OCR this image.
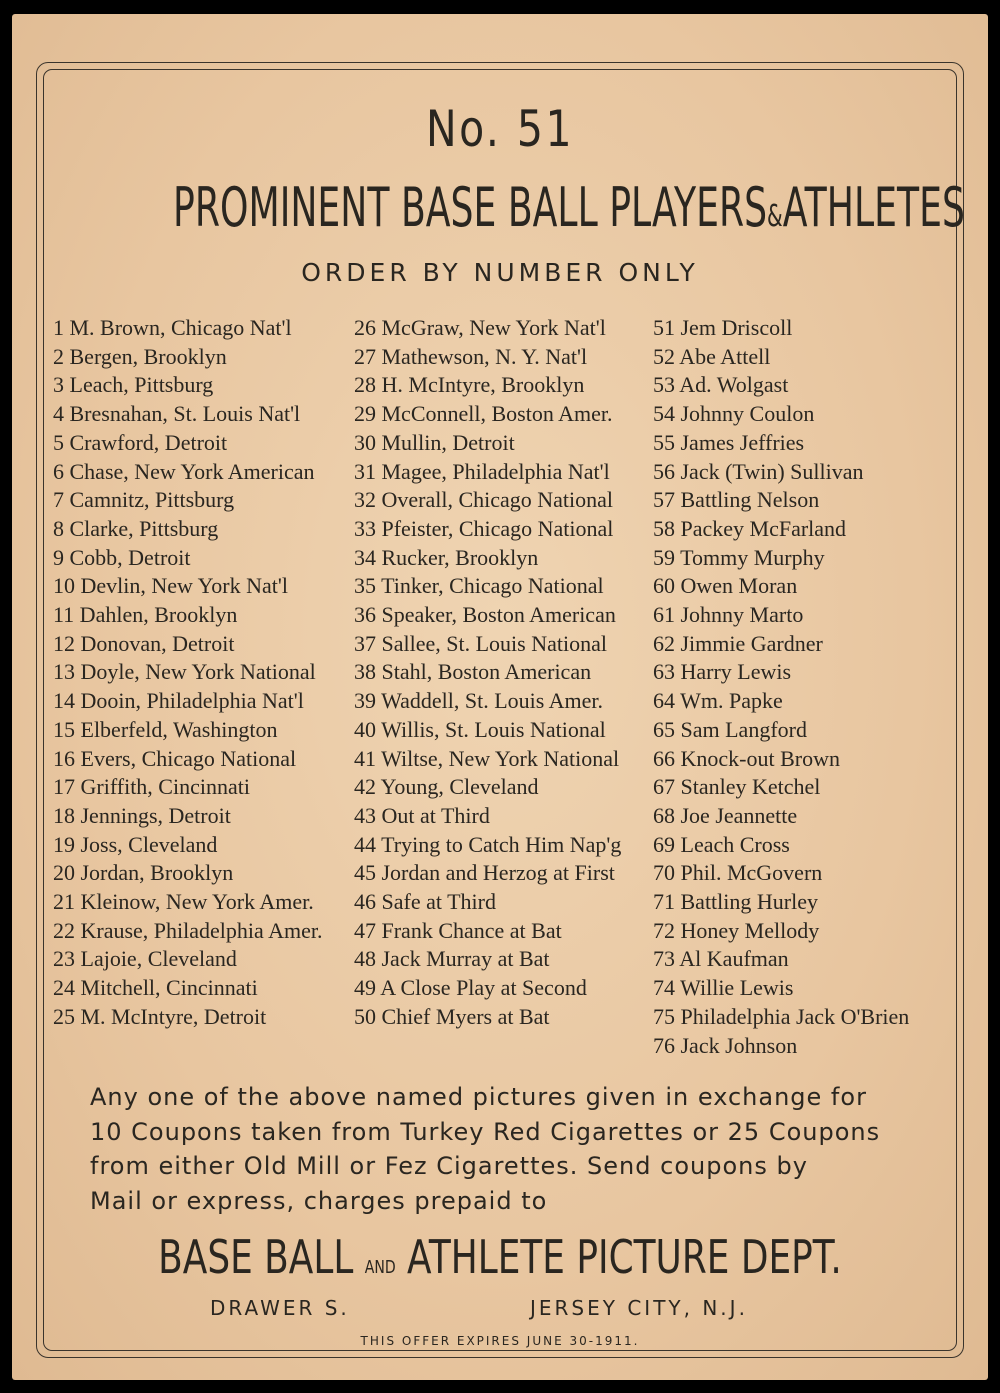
No. 51
PROMINENT BASE BALL PLAYERS&ATHLETES
ORDER BY NUMBER ONLY
1 M. Brown, Chicago Nat'l
2 Bergen, Brooklyn
3 Leach, Pittsburg
4 Bresnahan, St. Louis Nat'l
5 Crawford, Detroit
6 Chase, New York American
7 Camnitz, Pittsburg
8 Clarke, Pittsburg
9 Cobb, Detroit
10 Devlin, New York Nat'l
11 Dahlen, Brooklyn
12 Donovan, Detroit
13 Doyle, New York National
14 Dooin, Philadelphia Nat'l
15 Elberfeld, Washington
16 Evers, Chicago National
17 Griffith, Cincinnati
18 Jennings, Detroit
19 Joss, Cleveland
20 Jordan, Brooklyn
21 Kleinow, New York Amer.
22 Krause, Philadelphia Amer.
23 Lajoie, Cleveland
24 Mitchell, Cincinnati
25 M. McIntyre, Detroit
26 McGraw, New York Nat'l
27 Mathewson, N. Y. Nat'l
28 H. McIntyre, Brooklyn
29 McConnell, Boston Amer.
30 Mullin, Detroit
31 Magee, Philadelphia Nat'l
32 Overall, Chicago National
33 Pfeister, Chicago National
34 Rucker, Brooklyn
35 Tinker, Chicago National
36 Speaker, Boston American
37 Sallee, St. Louis National
38 Stahl, Boston American
39 Waddell, St. Louis Amer.
40 Willis, St. Louis National
41 Wiltse, New York National
42 Young, Cleveland
43 Out at Third
44 Trying to Catch Him Nap'g
45 Jordan and Herzog at First
46 Safe at Third
47 Frank Chance at Bat
48 Jack Murray at Bat
49 A Close Play at Second
50 Chief Myers at Bat
51 Jem Driscoll
52 Abe Attell
53 Ad. Wolgast
54 Johnny Coulon
55 James Jeffries
56 Jack (Twin) Sullivan
57 Battling Nelson
58 Packey McFarland
59 Tommy Murphy
60 Owen Moran
61 Johnny Marto
62 Jimmie Gardner
63 Harry Lewis
64 Wm. Papke
65 Sam Langford
66 Knock-out Brown
67 Stanley Ketchel
68 Joe Jeannette
69 Leach Cross
70 Phil. McGovern
71 Battling Hurley
72 Honey Mellody
73 Al Kaufman
74 Willie Lewis
75 Philadelphia Jack O'Brien
76 Jack Johnson
Any one of the above named pictures given in exchange for
10 Coupons taken from Turkey Red Cigarettes or 25 Coupons
from either Old Mill or Fez Cigarettes. Send coupons by
Mail or express, charges prepaid to
BASE BALL AND ATHLETE PICTURE DEPT.
DRAWER S.	JERSEY CITY, N.J.
THIS OFFER EXPIRES JUNE 30-1911.
